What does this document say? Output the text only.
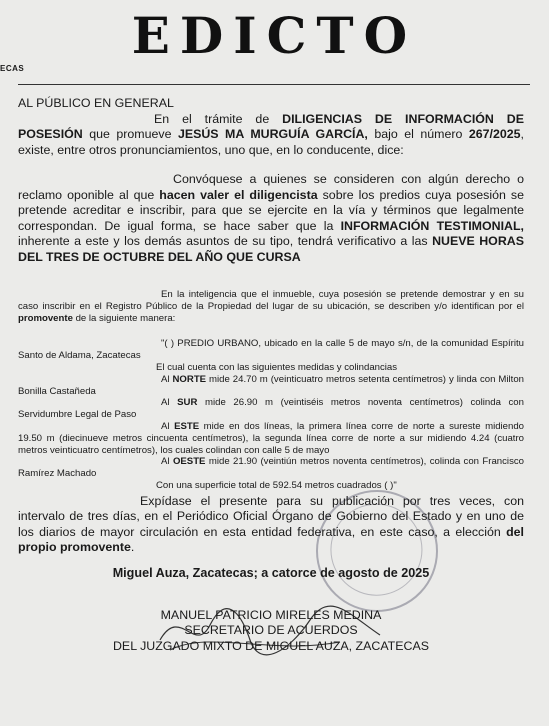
EDICTO
ECAS

AL PÚBLICO EN GENERAL

En el trámite de DILIGENCIAS DE INFORMACIÓN DE POSESIÓN que promueve JESÚS MA MURGUÍA GARCÍA, bajo el número 267/2025, existe, entre otros pronunciamientos, uno que, en lo conducente, dice:

Convóquese a quienes se consideren con algún derecho o reclamo oponible al que hacen valer el diligencista sobre los predios cuya posesión se pretende acreditar e inscribir, para que se ejercite en la vía y términos que legalmente correspondan. De igual forma, se hace saber que la INFORMACIÓN TESTIMONIAL, inherente a este y los demás asuntos de su tipo, tendrá verificativo a las NUEVE HORAS DEL TRES DE OCTUBRE DEL AÑO QUE CURSA

En la inteligencia que el inmueble, cuya posesión se pretende demostrar y en su caso inscribir en el Registro Público de la Propiedad del lugar de su ubicación, se describen y/o identifican por el promovente de la siguiente manera:

"( ) PREDIO URBANO, ubicado en la calle 5 de mayo s/n, de la comunidad Espíritu Santo de Aldama, Zacatecas

El cual cuenta con las siguientes medidas y colindancias

Al NORTE mide 24.70 m (veinticuatro metros setenta centímetros) y linda con Milton Bonilla Castañeda

Al SUR mide 26.90 m (veintiséis metros noventa centímetros) colinda con Servidumbre Legal de Paso

Al ESTE mide en dos líneas, la primera línea corre de norte a sureste midiendo 19.50 m (diecinueve metros cincuenta centímetros), la segunda línea corre de norte a sur midiendo 4.24 (cuatro metros veinticuatro centímetros), los cuales colindan con calle 5 de mayo

Al OESTE mide 21.90 (veintiún metros noventa centímetros), colinda con Francisco Ramírez Machado

Con una superficie total de 592.54 metros cuadrados ( )"

Expídase el presente para su publicación por tres veces, con intervalo de tres días, en el Periódico Oficial Órgano de Gobierno del Estado y en uno de los diarios de mayor circulación en esta entidad federativa, en este caso, a elección del propio promovente.

Miguel Auza, Zacatecas; a catorce de agosto de 2025
MANUEL PATRICIO MIRELES MEDINA
SECRETARIO DE ACUERDOS
DEL JUZGADO MIXTO DE MIGUEL AUZA, ZACATECAS
